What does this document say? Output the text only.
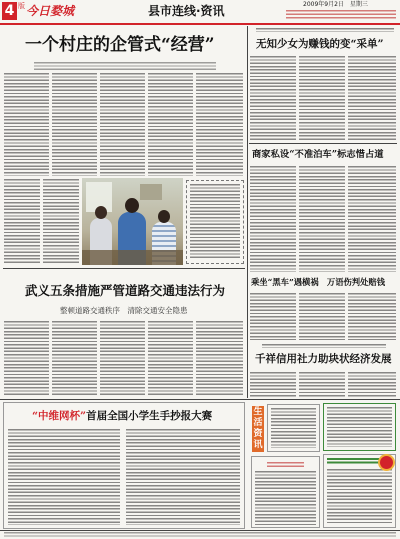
4 版 今日婺城	县市连线·资讯	2009年9月2日　星期三
一个村庄的企管式“经营”
武义五条措施严管道路交通违法行为
整顿道路交通秩序　清除交通安全隐患
“中维网杯”首届全国小学生手抄报大赛
无知少女为赚钱的变“采单”
商家私设“不准泊车”标志惜占道
乘坐“黑车”遇横祸　万语伤判处赔钱
千祥信用社力助块状经济发展
生活资讯
